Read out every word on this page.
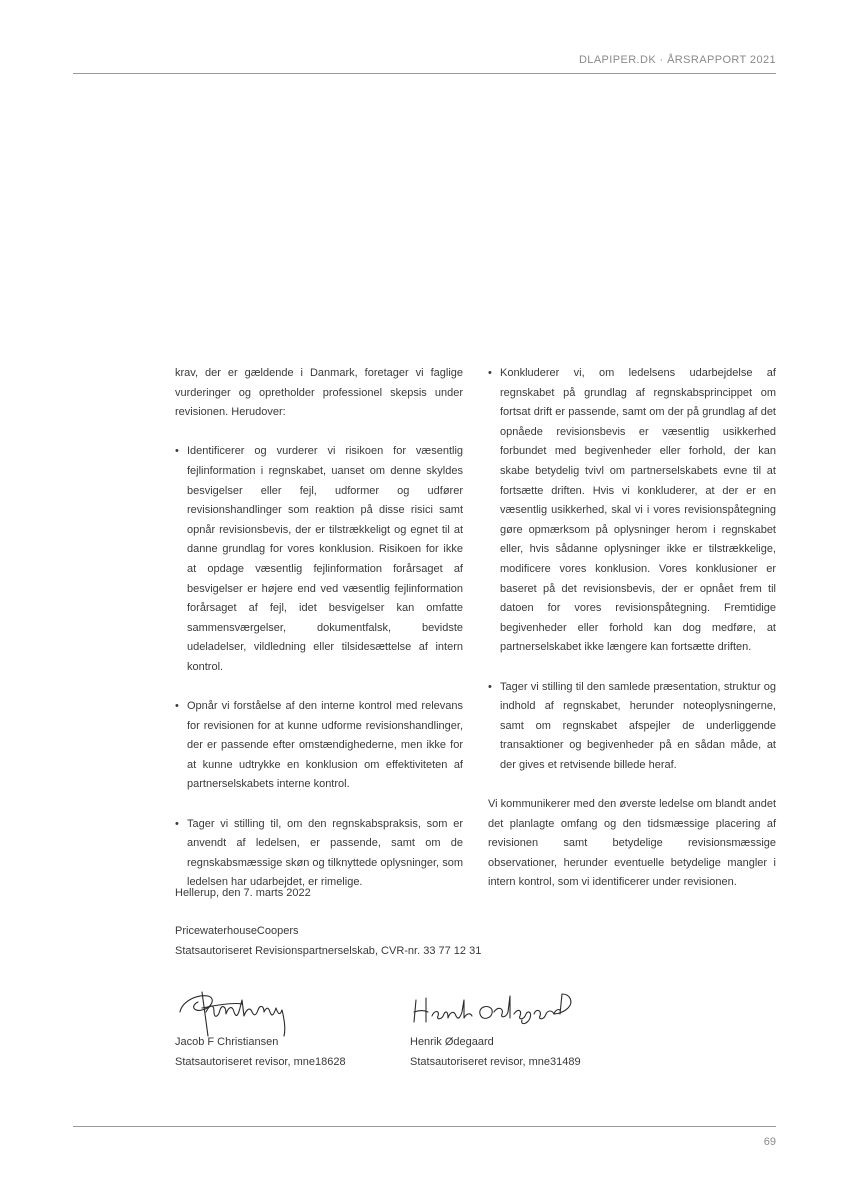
DLAPIPER.DK · ÅRSRAPPORT 2021

krav, der er gældende i Danmark, foretager vi faglige vurderinger og opretholder professionel skepsis under revisionen. Herudover:

• Identificerer og vurderer vi risikoen for væsentlig fejlinformation i regnskabet, uanset om denne skyldes besvigelser eller fejl, udformer og udfører revisionshandlinger som reaktion på disse risici samt opnår revisionsbevis, der er tilstrækkeligt og egnet til at danne grundlag for vores konklusion. Risikoen for ikke at opdage væsentlig fejlinformation forårsaget af besvigelser er højere end ved væsentlig fejlinformation forårsaget af fejl, idet besvigelser kan omfatte sammensværgelser, dokumentfalsk, bevidste udeladelser, vildledning eller tilsidesættelse af intern kontrol.
• Opnår vi forståelse af den interne kontrol med relevans for revisionen for at kunne udforme revisionshandlinger, der er passende efter omstændighederne, men ikke for at kunne udtrykke en konklusion om effektiviteten af partnerselskabets interne kontrol.
• Tager vi stilling til, om den regnskabspraksis, som er anvendt af ledelsen, er passende, samt om de regnskabsmæssige skøn og tilknyttede oplysninger, som ledelsen har udarbejdet, er rimelige.
• Konkluderer vi, om ledelsens udarbejdelse af regnskabet på grundlag af regnskabsprincippet om fortsat drift er passende, samt om der på grundlag af det opnåede revisionsbevis er væsentlig usikkerhed forbundet med begivenheder eller forhold, der kan skabe betydelig tvivl om partnerselskabets evne til at fortsætte driften. Hvis vi konkluderer, at der er en væsentlig usikkerhed, skal vi i vores revisionspåtegning gøre opmærksom på oplysninger herom i regnskabet eller, hvis sådanne oplysninger ikke er tilstrækkelige, modificere vores konklusion. Vores konklusioner er baseret på det revisionsbevis, der er opnået frem til datoen for vores revisionspåtegning. Fremtidige begivenheder eller forhold kan dog medføre, at partnerselskabet ikke længere kan fortsætte driften.
• Tager vi stilling til den samlede præsentation, struktur og indhold af regnskabet, herunder noteoplysningerne, samt om regnskabet afspejler de underliggende transaktioner og begivenheder på en sådan måde, at der gives et retvisende billede heraf.

Vi kommunikerer med den øverste ledelse om blandt andet det planlagte omfang og den tidsmæssige placering af revisionen samt betydelige revisionsmæssige observationer, herunder eventuelle betydelige mangler i intern kontrol, som vi identificerer under revisionen.

Hellerup, den 7. marts 2022
PricewaterhouseCoopers
Statsautoriseret Revisionspartnerselskab, CVR-nr. 33 77 12 31
Jacob F Christiansen
Statsautoriseret revisor, mne18628
Henrik Ødegaard
Statsautoriseret revisor, mne31489
69
